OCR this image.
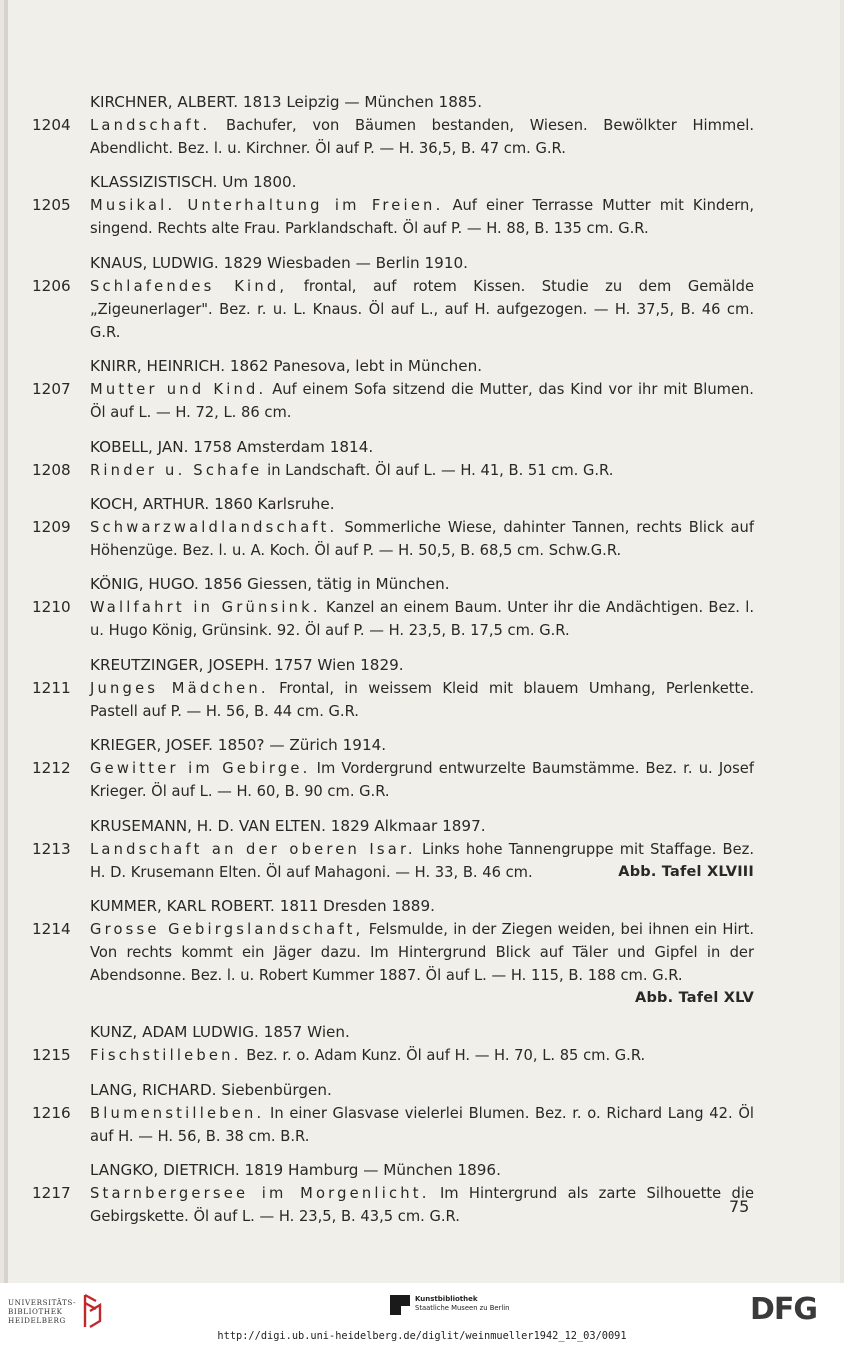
KIRCHNER, ALBERT. 1813 Leipzig — München 1885.
1204	Landschaft. Bachufer, von Bäumen bestanden, Wiesen. Bewölkter Himmel. Abendlicht. Bez. l. u. Kirchner. Öl auf P. — H. 36,5, B. 47 cm. G.R.
KLASSIZISTISCH. Um 1800.
1205	Musikal. Unterhaltung im Freien. Auf einer Terrasse Mutter mit Kindern, singend. Rechts alte Frau. Parklandschaft. Öl auf P. — H. 88, B. 135 cm. G.R.
KNAUS, LUDWIG. 1829 Wiesbaden — Berlin 1910.
1206	Schlafendes Kind, frontal, auf rotem Kissen. Studie zu dem Gemälde „Zigeunerlager". Bez. r. u. L. Knaus. Öl auf L., auf H. aufgezogen. — H. 37,5, B. 46 cm. G.R.
KNIRR, HEINRICH. 1862 Panesova, lebt in München.
1207	Mutter und Kind. Auf einem Sofa sitzend die Mutter, das Kind vor ihr mit Blumen. Öl auf L. — H. 72, L. 86 cm.
KOBELL, JAN. 1758 Amsterdam 1814.
1208	Rinder u. Schafe in Landschaft. Öl auf L. — H. 41, B. 51 cm. G.R.
KOCH, ARTHUR. 1860 Karlsruhe.
1209	Schwarzwaldlandschaft. Sommerliche Wiese, dahinter Tannen, rechts Blick auf Höhenzüge. Bez. l. u. A. Koch. Öl auf P. — H. 50,5, B. 68,5 cm. Schw.G.R.
KÖNIG, HUGO. 1856 Giessen, tätig in München.
1210	Wallfahrt in Grünsink. Kanzel an einem Baum. Unter ihr die Andächtigen. Bez. l. u. Hugo König, Grünsink. 92. Öl auf P. — H. 23,5, B. 17,5 cm. G.R.
KREUTZINGER, JOSEPH. 1757 Wien 1829.
1211	Junges Mädchen. Frontal, in weissem Kleid mit blauem Umhang, Perlenkette. Pastell auf P. — H. 56, B. 44 cm. G.R.
KRIEGER, JOSEF. 1850? — Zürich 1914.
1212	Gewitter im Gebirge. Im Vordergrund entwurzelte Baumstämme. Bez. r. u. Josef Krieger. Öl auf L. — H. 60, B. 90 cm. G.R.
KRUSEMANN, H. D. VAN ELTEN. 1829 Alkmaar 1897.
1213	Landschaft an der oberen Isar. Links hohe Tannengruppe mit Staffage. Bez. H. D. Krusemann Elten. Öl auf Mahagoni. — H. 33, B. 46 cm.	Abb. Tafel XLVIII
KUMMER, KARL ROBERT. 1811 Dresden 1889.
1214	Grosse Gebirgslandschaft, Felsmulde, in der Ziegen weiden, bei ihnen ein Hirt. Von rechts kommt ein Jäger dazu. Im Hintergrund Blick auf Täler und Gipfel in der Abendsonne. Bez. l. u. Robert Kummer 1887. Öl auf L. — H. 115, B. 188 cm. G.R.
Abb. Tafel XLV
KUNZ, ADAM LUDWIG. 1857 Wien.
1215	Fischstilleben. Bez. r. o. Adam Kunz. Öl auf H. — H. 70, L. 85 cm. G.R.
LANG, RICHARD. Siebenbürgen.
1216	Blumenstilleben. In einer Glasvase vielerlei Blumen. Bez. r. o. Richard Lang 42. Öl auf H. — H. 56, B. 38 cm. B.R.
LANGKO, DIETRICH. 1819 Hamburg — München 1896.
1217	Starnbergersee im Morgenlicht. Im Hintergrund als zarte Silhouette die Gebirgskette. Öl auf L. — H. 23,5, B. 43,5 cm. G.R.
75
UNIVERSITÄTS-
BIBLIOTHEK
HEIDELBERG
Kunstbibliothek
Staatliche Museen zu Berlin	DFG
http://digi.ub.uni-heidelberg.de/diglit/weinmueller1942_12_03/0091
